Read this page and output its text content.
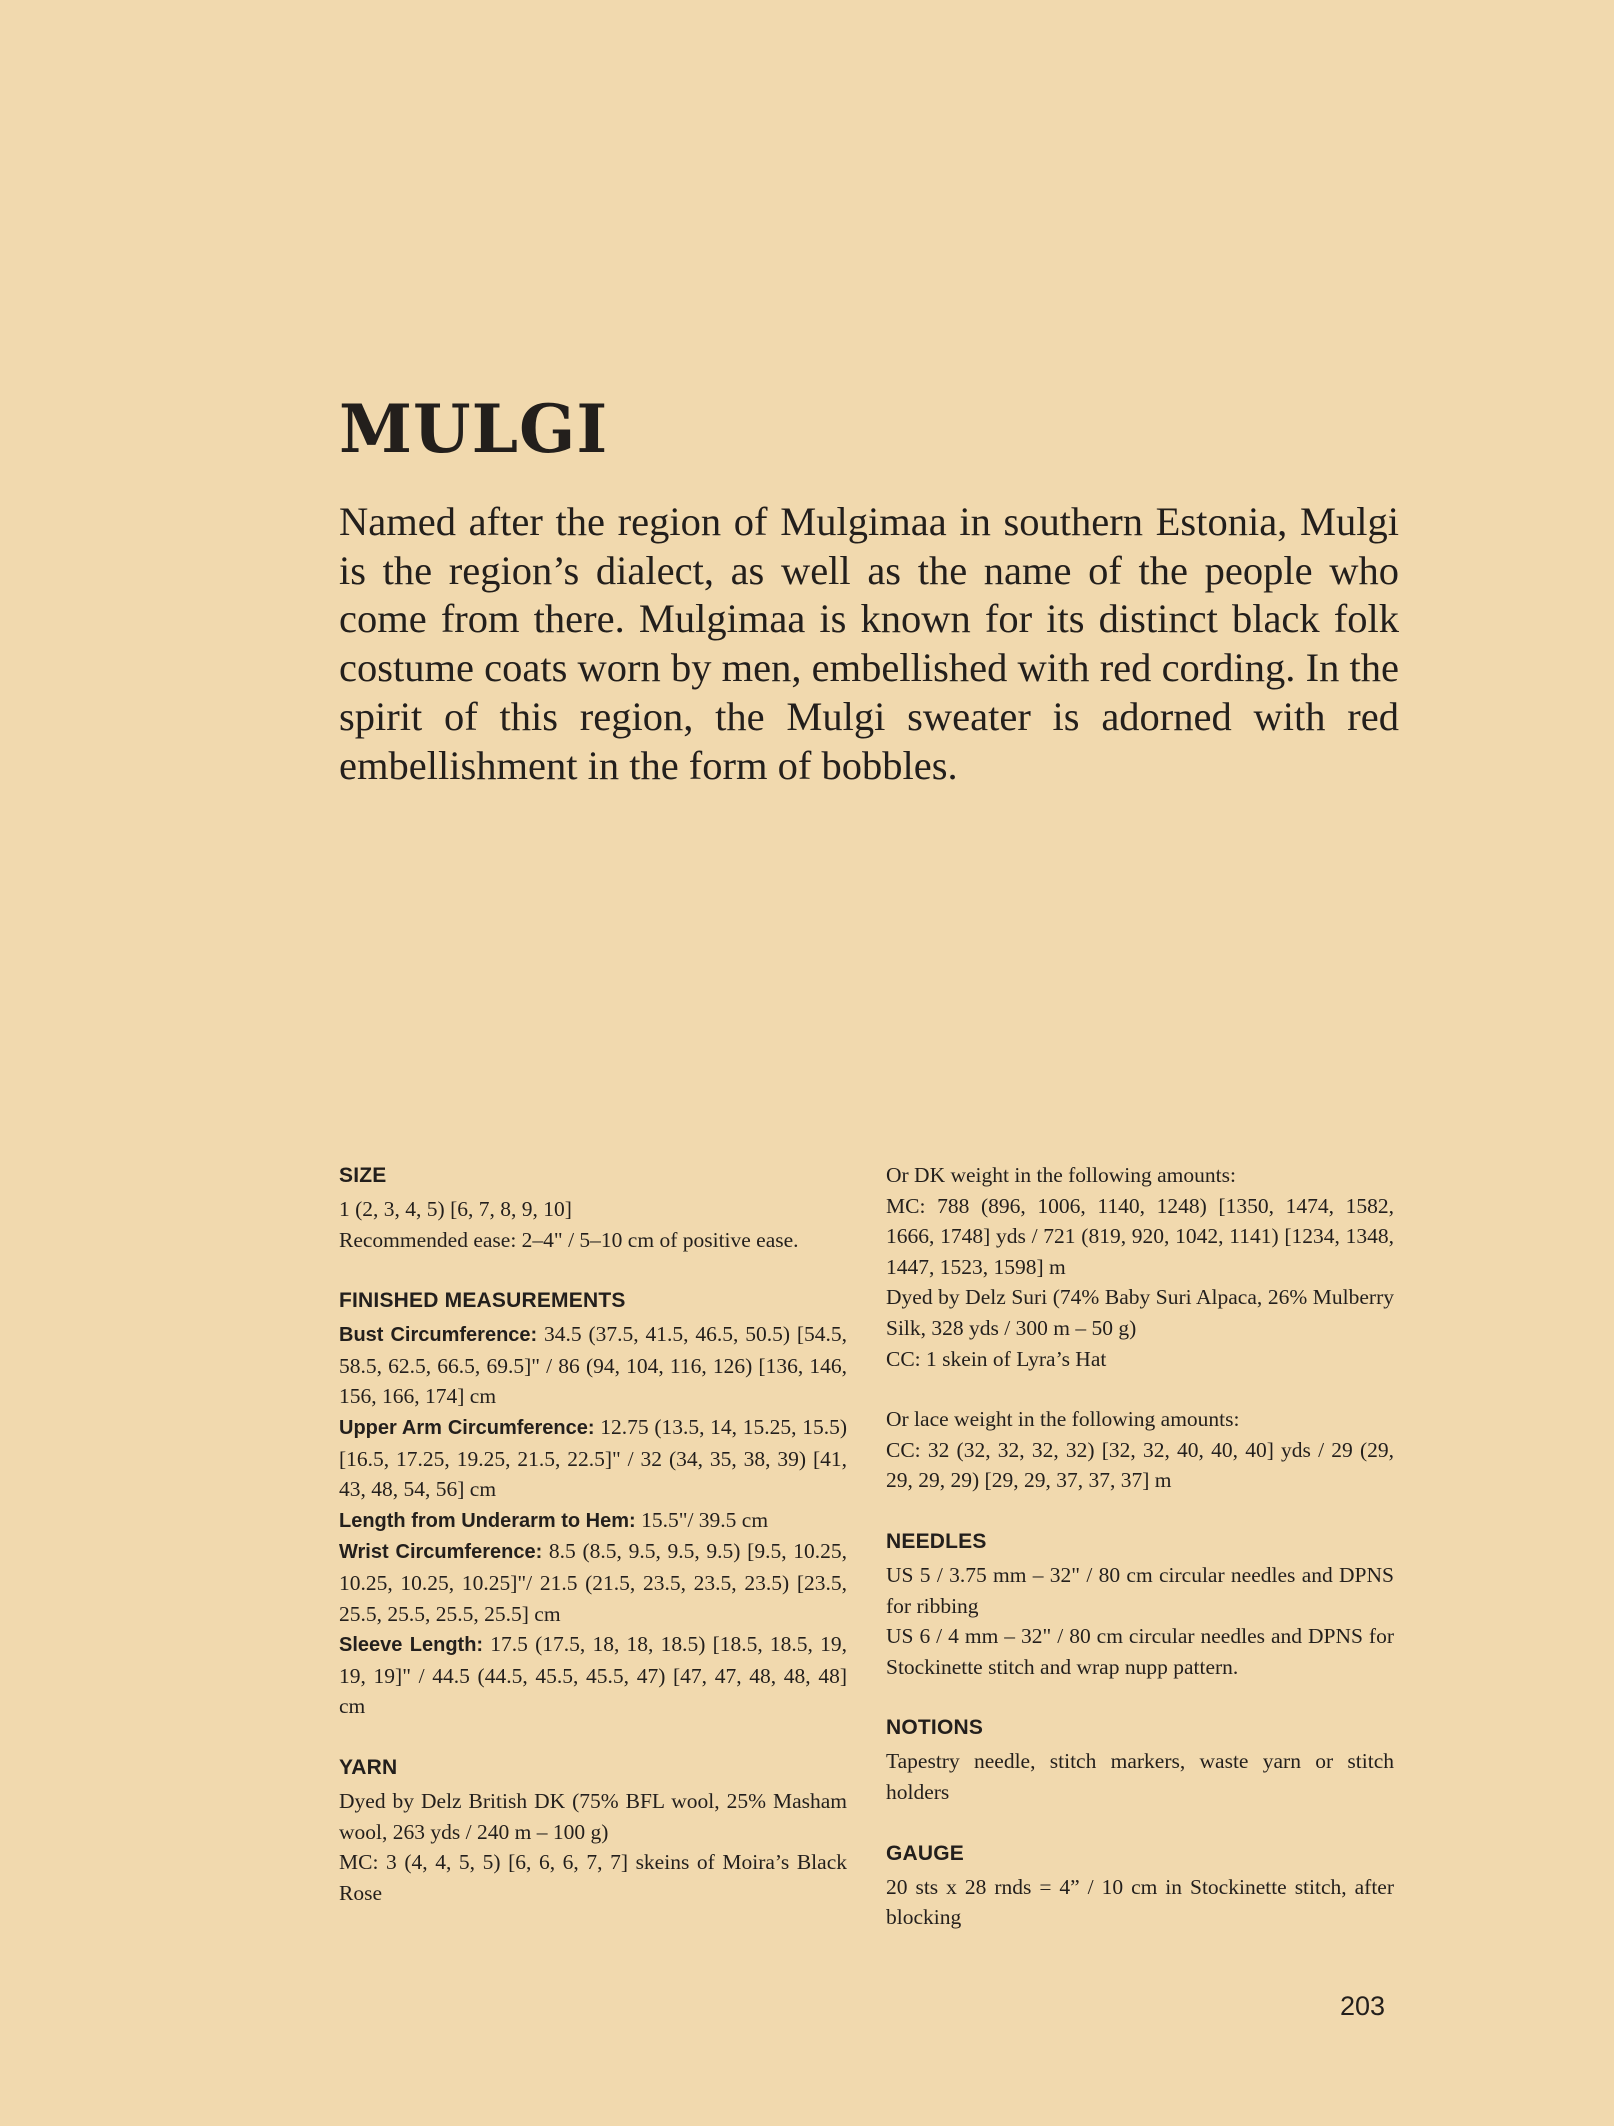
MULGI

Named after the region of Mulgimaa in southern Estonia, Mulgi is the region’s dialect, as well as the name of the people who come from there. Mulgimaa is known for its distinct black folk costume coats worn by men, embellished with red cording. In the spirit of this region, the Mulgi sweater is adorned with red embellishment in the form of bobbles.

SIZE

1 (2, 3, 4, 5) [6, 7, 8, 9, 10]

Recommended ease: 2–4" / 5–10 cm of positive ease.

FINISHED MEASUREMENTS

Bust Circumference: 34.5 (37.5, 41.5, 46.5, 50.5) [54.5, 58.5, 62.5, 66.5, 69.5]" / 86 (94, 104, 116, 126) [136, 146, 156, 166, 174] cm

Upper Arm Circumference: 12.75 (13.5, 14, 15.25, 15.5) [16.5, 17.25, 19.25, 21.5, 22.5]" / 32 (34, 35, 38, 39) [41, 43, 48, 54, 56] cm

Length from Underarm to Hem: 15.5"/ 39.5 cm

Wrist Circumference: 8.5 (8.5, 9.5, 9.5, 9.5) [9.5, 10.25, 10.25, 10.25, 10.25]"/ 21.5 (21.5, 23.5, 23.5, 23.5) [23.5, 25.5, 25.5, 25.5, 25.5] cm

Sleeve Length: 17.5 (17.5, 18, 18, 18.5) [18.5, 18.5, 19, 19, 19]" / 44.5 (44.5, 45.5, 45.5, 47) [47, 47, 48, 48, 48] cm

YARN

Dyed by Delz British DK (75% BFL wool, 25% Masham wool, 263 yds / 240 m – 100 g)

MC: 3 (4, 4, 5, 5) [6, 6, 6, 7, 7] skeins of Moira’s Black Rose

Or DK weight in the following amounts:

MC: 788 (896, 1006, 1140, 1248) [1350, 1474, 1582, 1666, 1748] yds / 721 (819, 920, 1042, 1141) [1234, 1348, 1447, 1523, 1598] m

Dyed by Delz Suri (74% Baby Suri Alpaca, 26% Mulberry Silk, 328 yds / 300 m – 50 g)

CC: 1 skein of Lyra’s Hat

Or lace weight in the following amounts:

CC: 32 (32, 32, 32, 32) [32, 32, 40, 40, 40] yds / 29 (29, 29, 29, 29) [29, 29, 37, 37, 37] m

NEEDLES

US 5 / 3.75 mm – 32" / 80 cm circular needles and DPNS for ribbing

US 6 / 4 mm – 32" / 80 cm circular needles and DPNS for Stockinette stitch and wrap nupp pattern.

NOTIONS

Tapestry needle, stitch markers, waste yarn or stitch holders

GAUGE

20 sts x 28 rnds = 4” / 10 cm in Stockinette stitch, after blocking

203
